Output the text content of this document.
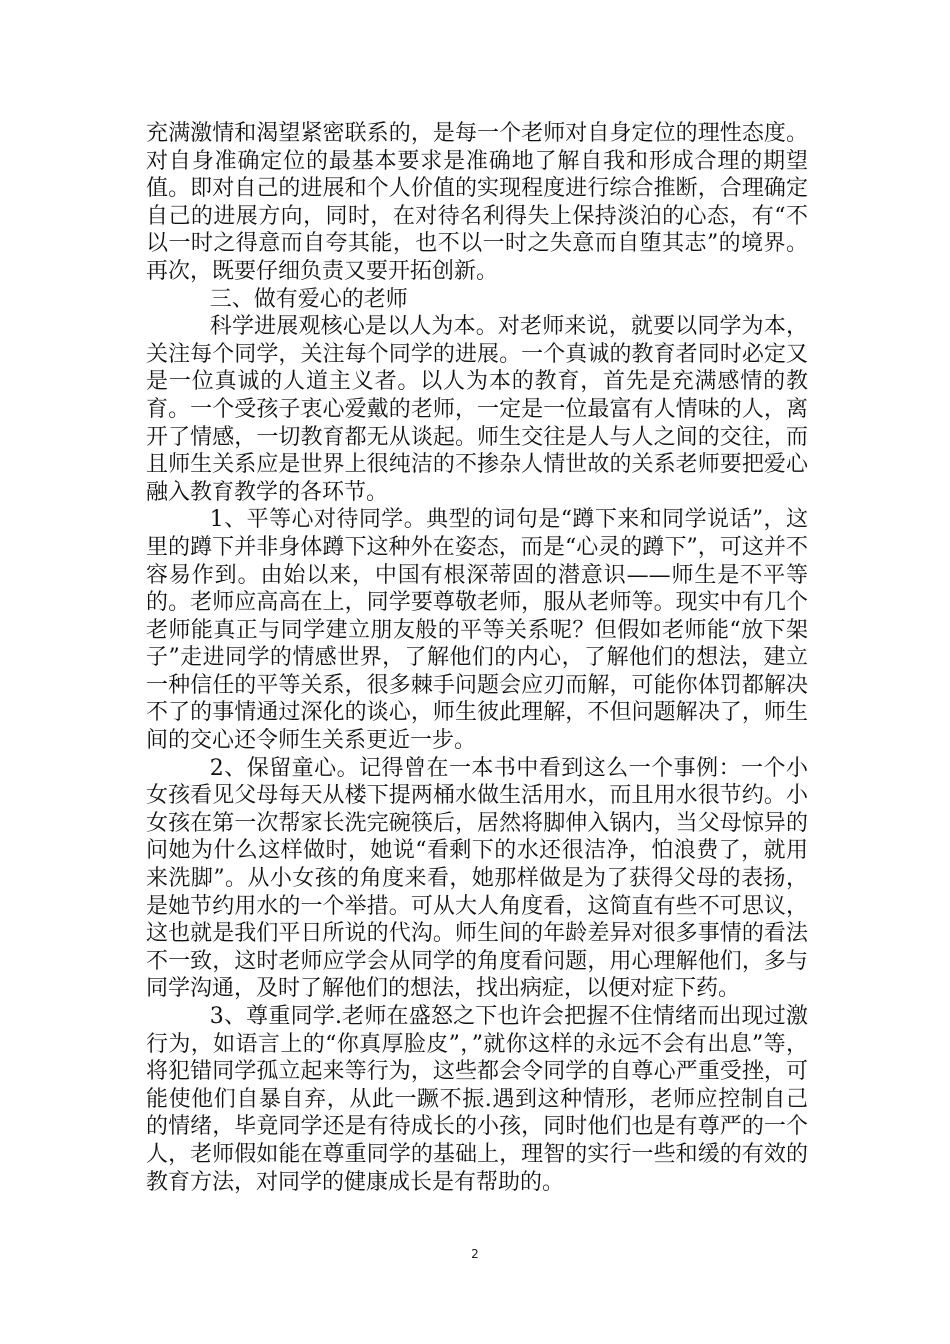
充满激情和渴望紧密联系的，是每一个老师对自身定位的理性态度。对自身准确定位的最基本要求是准确地了解自我和形成合理的期望值。即对自己的进展和个人价值的实现程度进行综合推断，合理确定自己的进展方向，同时，在对待名利得失上保持淡泊的心态，有“不以一时之得意而自夸其能，也不以一时之失意而自堕其志”的境界。再次，既要仔细负责又要开拓创新。

三、做有爱心的老师

科学进展观核心是以人为本。对老师来说，就要以同学为本，关注每个同学，关注每个同学的进展。一个真诚的教育者同时必定又是一位真诚的人道主义者。以人为本的教育，首先是充满感情的教育。一个受孩子衷心爱戴的老师，一定是一位最富有人情味的人，离开了情感，一切教育都无从谈起。师生交往是人与人之间的交往，而且师生关系应是世界上很纯洁的不掺杂人情世故的关系老师要把爱心融入教育教学的各环节。

1、平等心对待同学。典型的词句是“蹲下来和同学说话”，这里的蹲下并非身体蹲下这种外在姿态，而是“心灵的蹲下”，可这并不容易作到。由始以来，中国有根深蒂固的潜意识——师生是不平等的。老师应高高在上，同学要尊敬老师，服从老师等。现实中有几个老师能真正与同学建立朋友般的平等关系呢？但假如老师能“放下架子”走进同学的情感世界，了解他们的内心，了解他们的想法，建立一种信任的平等关系，很多棘手问题会应刃而解，可能你体罚都解决不了的事情通过深化的谈心，师生彼此理解，不但问题解决了，师生间的交心还令师生关系更近一步。

2、保留童心。记得曾在一本书中看到这么一个事例：一个小女孩看见父母每天从楼下提两桶水做生活用水，而且用水很节约。小女孩在第一次帮家长洗完碗筷后，居然将脚伸入锅内，当父母惊异的问她为什么这样做时，她说“看剩下的水还很洁净，怕浪费了，就用来洗脚”。从小女孩的角度来看，她那样做是为了获得父母的表扬，是她节约用水的一个举措。可从大人角度看，这简直有些不可思议，这也就是我们平日所说的代沟。师生间的年龄差异对很多事情的看法不一致，这时老师应学会从同学的角度看问题，用心理解他们，多与同学沟通，及时了解他们的想法，找出病症，以便对症下药。

3、尊重同学.老师在盛怒之下也许会把握不住情绪而出现过激行为，如语言上的“你真厚脸皮”，”就你这样的永远不会有出息”等，将犯错同学孤立起来等行为，这些都会令同学的自尊心严重受挫，可能使他们自暴自弃，从此一蹶不振.遇到这种情形，老师应控制自己的情绪，毕竟同学还是有待成长的小孩，同时他们也是有尊严的一个人，老师假如能在尊重同学的基础上，理智的实行一些和缓的有效的教育方法，对同学的健康成长是有帮助的。

2
